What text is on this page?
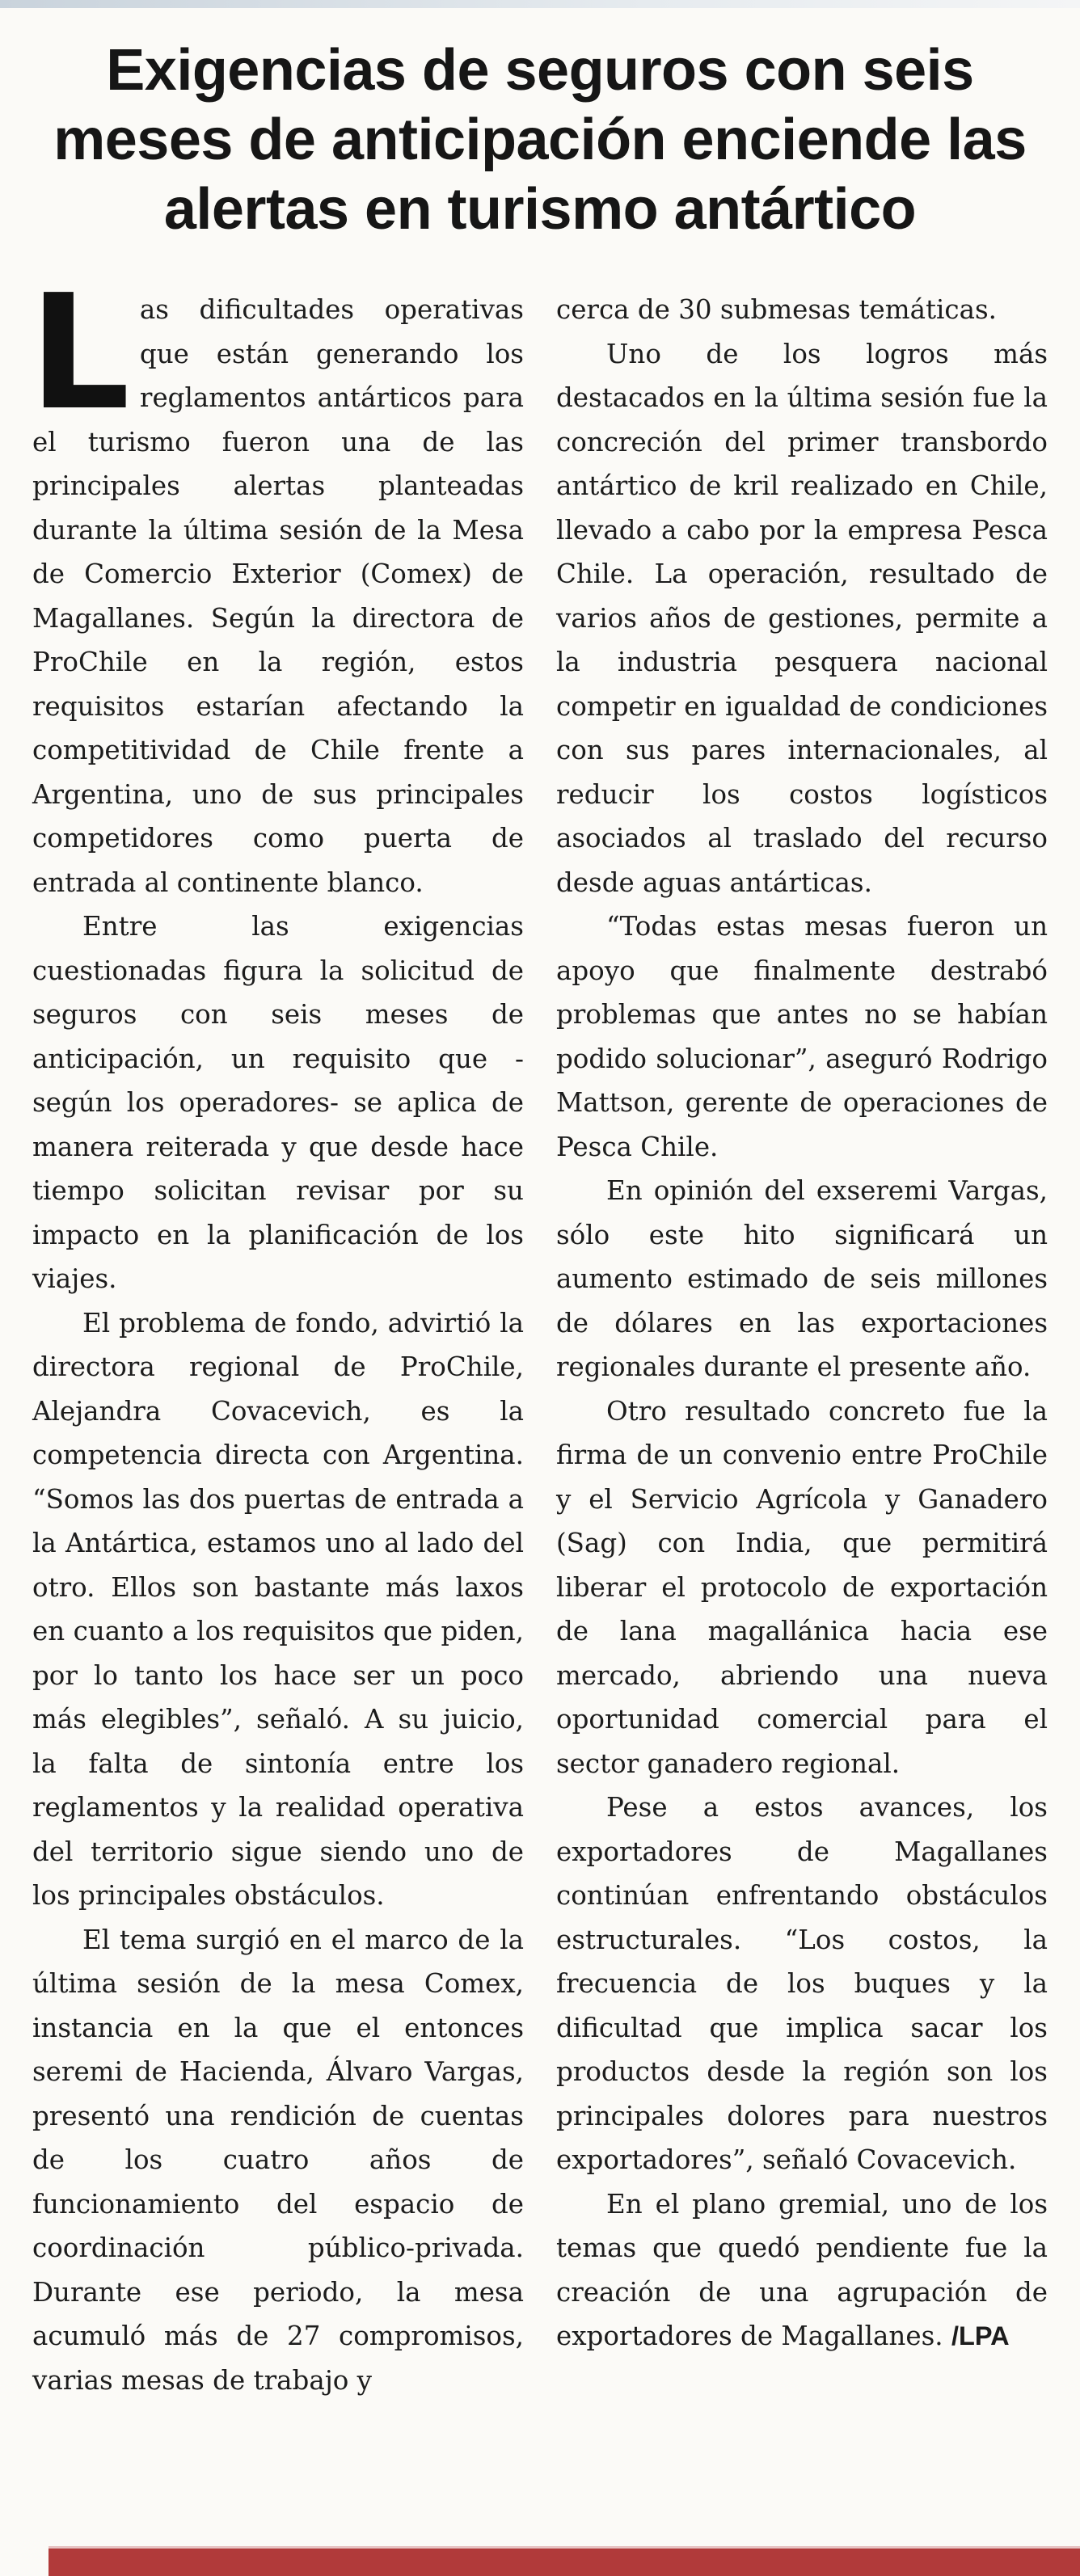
Exigencias de seguros con seis meses de anticipación enciende las alertas en turismo antártico

Las dificultades operativas que están generando los reglamentos antárticos para el turismo fueron una de las principales alertas planteadas durante la última sesión de la Mesa de Comercio Exterior (Comex) de Magallanes. Según la directora de ProChile en la región, estos requisitos estarían afectando la competitividad de Chile frente a Argentina, uno de sus principales competidores como puerta de entrada al continente blanco.

Entre las exigencias cuestionadas figura la solicitud de seguros con seis meses de anticipación, un requisito que -según los operadores- se aplica de manera reiterada y que desde hace tiempo solicitan revisar por su impacto en la planificación de los viajes.

El problema de fondo, advirtió la directora regional de ProChile, Alejandra Covacevich, es la competencia directa con Argentina. “Somos las dos puertas de entrada a la Antártica, estamos uno al lado del otro. Ellos son bastante más laxos en cuanto a los requisitos que piden, por lo tanto los hace ser un poco más elegibles”, señaló. A su juicio, la falta de sintonía entre los reglamentos y la realidad operativa del territorio sigue siendo uno de los principales obstáculos.

El tema surgió en el marco de la última sesión de la mesa Comex, instancia en la que el entonces seremi de Hacienda, Álvaro Vargas, presentó una rendición de cuentas de los cuatro años de funcionamiento del espacio de coordinación público-privada. Durante ese periodo, la mesa acumuló más de 27 compromisos, varias mesas de trabajo y

cerca de 30 submesas temáticas.

Uno de los logros más destacados en la última sesión fue la concreción del primer transbordo antártico de kril realizado en Chile, llevado a cabo por la empresa Pesca Chile. La operación, resultado de varios años de gestiones, permite a la industria pesquera nacional competir en igualdad de condiciones con sus pares internacionales, al reducir los costos logísticos asociados al traslado del recurso desde aguas antárticas.

“Todas estas mesas fueron un apoyo que finalmente destrabó problemas que antes no se habían podido solucionar”, aseguró Rodrigo Mattson, gerente de operaciones de Pesca Chile.

En opinión del exseremi Vargas, sólo este hito significará un aumento estimado de seis millones de dólares en las exportaciones regionales durante el presente año.

Otro resultado concreto fue la firma de un convenio entre ProChile y el Servicio Agrícola y Ganadero (Sag) con India, que permitirá liberar el protocolo de exportación de lana magallánica hacia ese mercado, abriendo una nueva oportunidad comercial para el sector ganadero regional.

Pese a estos avances, los exportadores de Magallanes continúan enfrentando obstáculos estructurales. “Los costos, la frecuencia de los buques y la dificultad que implica sacar los productos desde la región son los principales dolores para nuestros exportadores”, señaló Covacevich.

En el plano gremial, uno de los temas que quedó pendiente fue la creación de una agrupación de exportadores de Magallanes. /LPA
